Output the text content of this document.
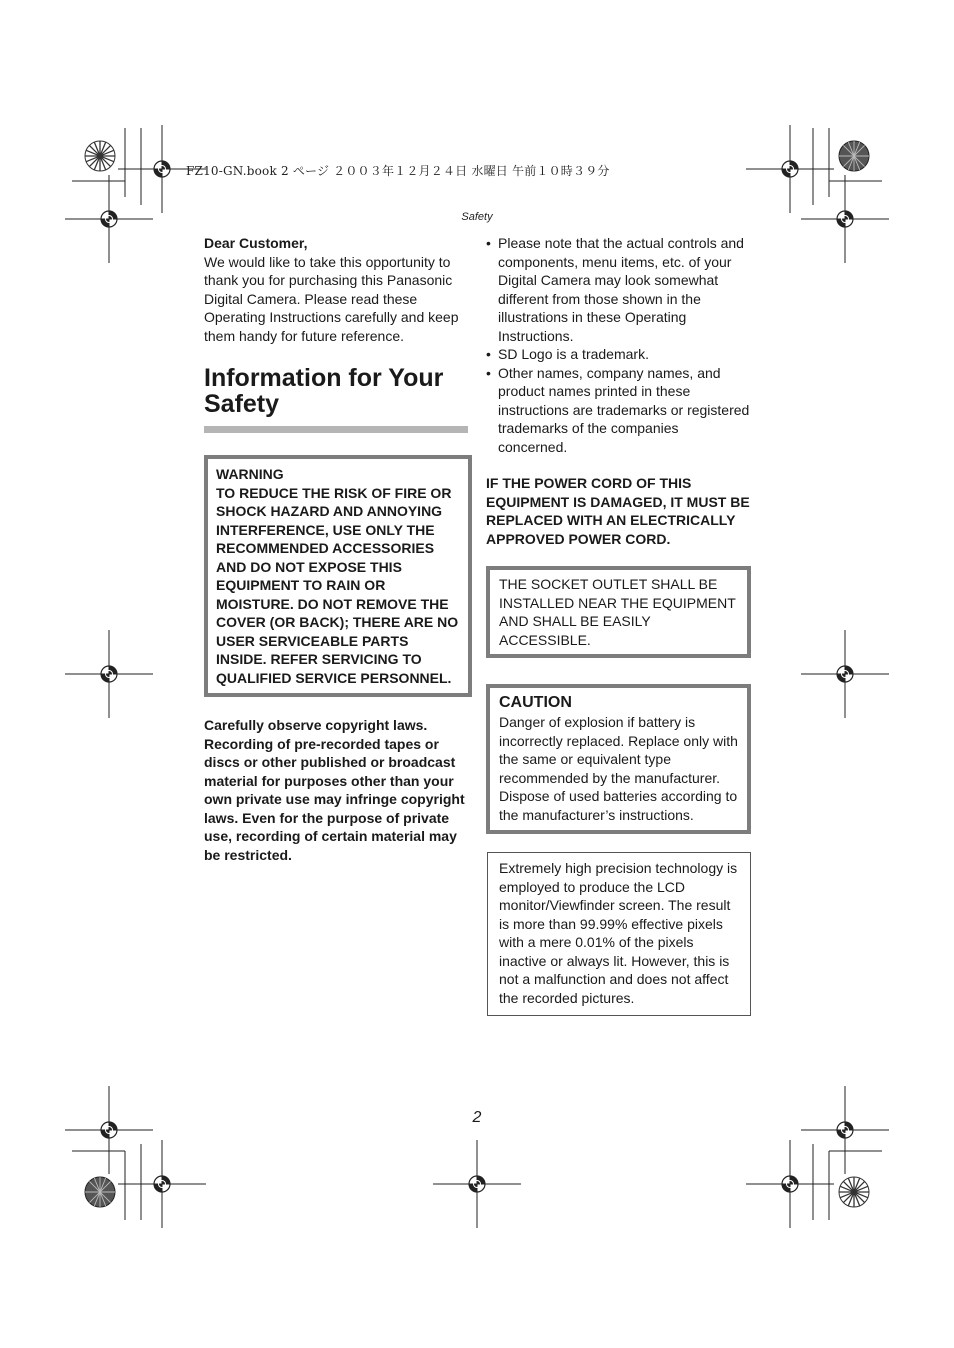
FZ10-GN.book 2 ページ ２００３年１２月２４日 水曜日 午前１０時３９分
Safety
Dear Customer,

We would like to take this opportunity to thank you for purchasing this Panasonic Digital Camera. Please read these Operating Instructions carefully and keep them handy for future reference.

Information for Your
Safety
WARNING
TO REDUCE THE RISK OF FIRE OR SHOCK HAZARD AND ANNOYING INTERFERENCE, USE ONLY THE RECOMMENDED ACCESSORIES AND DO NOT EXPOSE THIS EQUIPMENT TO RAIN OR MOISTURE. DO NOT REMOVE THE COVER (OR BACK); THERE ARE NO USER SERVICEABLE PARTS INSIDE. REFER SERVICING TO QUALIFIED SERVICE PERSONNEL.
Carefully observe copyright laws. Recording of pre-recorded tapes or discs or other published or broadcast material for purposes other than your own private use may infringe copyright laws. Even for the purpose of private use, recording of certain material may be restricted.
• Please note that the actual controls and components, menu items, etc. of your Digital Camera may look somewhat different from those shown in the illustrations in these Operating Instructions.
• SD Logo is a trademark.
• Other names, company names, and product names printed in these instructions are trademarks or registered trademarks of the companies concerned.
IF THE POWER CORD OF THIS EQUIPMENT IS DAMAGED, IT MUST BE REPLACED WITH AN ELECTRICALLY APPROVED POWER CORD.
THE SOCKET OUTLET SHALL BE INSTALLED NEAR THE EQUIPMENT AND SHALL BE EASILY ACCESSIBLE.
CAUTION
Danger of explosion if battery is incorrectly replaced. Replace only with the same or equivalent type recommended by the manufacturer. Dispose of used batteries according to the manufacturer’s instructions.
Extremely high precision technology is employed to produce the LCD monitor/Viewfinder screen. The result is more than 99.99% effective pixels with a mere 0.01% of the pixels inactive or always lit. However, this is not a malfunction and does not affect the recorded pictures.
2
